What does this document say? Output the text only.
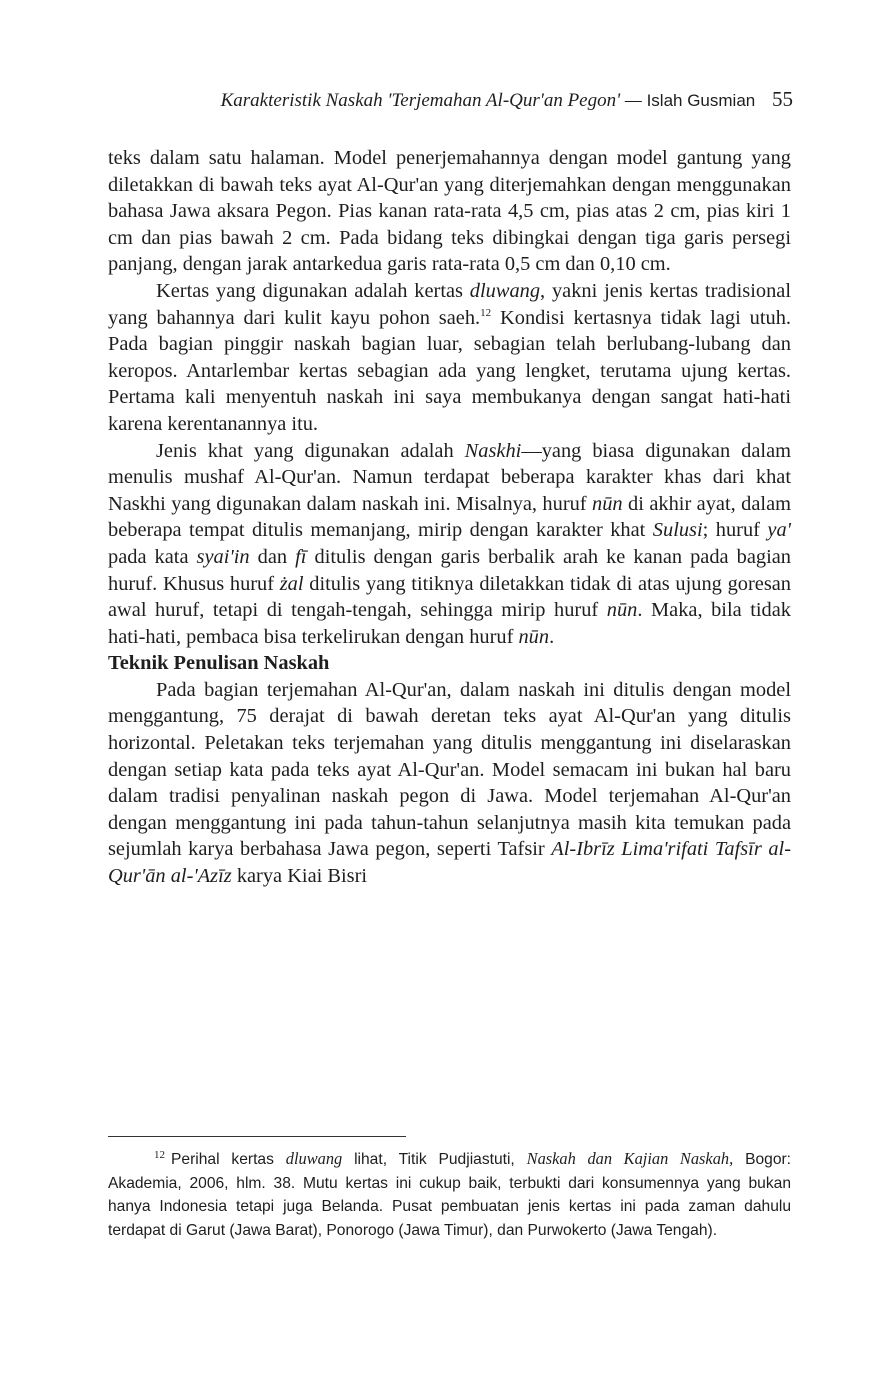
Karakteristik Naskah 'Terjemahan Al-Qur'an Pegon' — Islah Gusmian 55

teks dalam satu halaman. Model penerjemahannya dengan model gantung yang diletakkan di bawah teks ayat Al-Qur'an yang diterjemahkan dengan menggunakan bahasa Jawa aksara Pegon. Pias kanan rata-rata 4,5 cm, pias atas 2 cm, pias kiri 1 cm dan pias bawah 2 cm. Pada bidang teks dibingkai dengan tiga garis persegi panjang, dengan jarak antarkedua garis rata-rata 0,5 cm dan 0,10 cm.

Kertas yang digunakan adalah kertas dluwang, yakni jenis kertas tradisional yang bahannya dari kulit kayu pohon saeh.$^{12}$ Kondisi kertasnya tidak lagi utuh. Pada bagian pinggir naskah bagian luar, sebagian telah berlubang-lubang dan keropos. Antarlembar kertas sebagian ada yang lengket, terutama ujung kertas. Pertama kali menyentuh naskah ini saya membukanya dengan sangat hati-hati karena kerentanannya itu.

Jenis khat yang digunakan adalah Naskhi—yang biasa digunakan dalam menulis mushaf Al-Qur'an. Namun terdapat beberapa karakter khas dari khat Naskhi yang digunakan dalam naskah ini. Misalnya, huruf nūn di akhir ayat, dalam beberapa tempat ditulis memanjang, mirip dengan karakter khat Sulusi; huruf ya' pada kata syai'in dan fī ditulis dengan garis berbalik arah ke kanan pada bagian huruf. Khusus huruf żal ditulis yang titiknya diletakkan tidak di atas ujung goresan awal huruf, tetapi di tengah-tengah, sehingga mirip huruf nūn. Maka, bila tidak hati-hati, pembaca bisa terkelirukan dengan huruf nūn.

Teknik Penulisan Naskah

Pada bagian terjemahan Al-Qur'an, dalam naskah ini ditulis dengan model menggantung, 75 derajat di bawah deretan teks ayat Al-Qur'an yang ditulis horizontal. Peletakan teks terjemahan yang ditulis menggantung ini diselaraskan dengan setiap kata pada teks ayat Al-Qur'an. Model semacam ini bukan hal baru dalam tradisi penyalinan naskah pegon di Jawa. Model terjemahan Al-Qur'an dengan menggantung ini pada tahun-tahun selanjutnya masih kita temukan pada sejumlah karya berbahasa Jawa pegon, seperti Tafsir Al-Ibrīz Lima'rifati Tafsīr al-Qur'ān al-'Azīz karya Kiai Bisri

$^{12}$ Perihal kertas dluwang lihat, Titik Pudjiastuti, Naskah dan Kajian Naskah, Bogor: Akademia, 2006, hlm. 38. Mutu kertas ini cukup baik, terbukti dari konsumennya yang bukan hanya Indonesia tetapi juga Belanda. Pusat pembuatan jenis kertas ini pada zaman dahulu terdapat di Garut (Jawa Barat), Ponorogo (Jawa Timur), dan Purwokerto (Jawa Tengah).
